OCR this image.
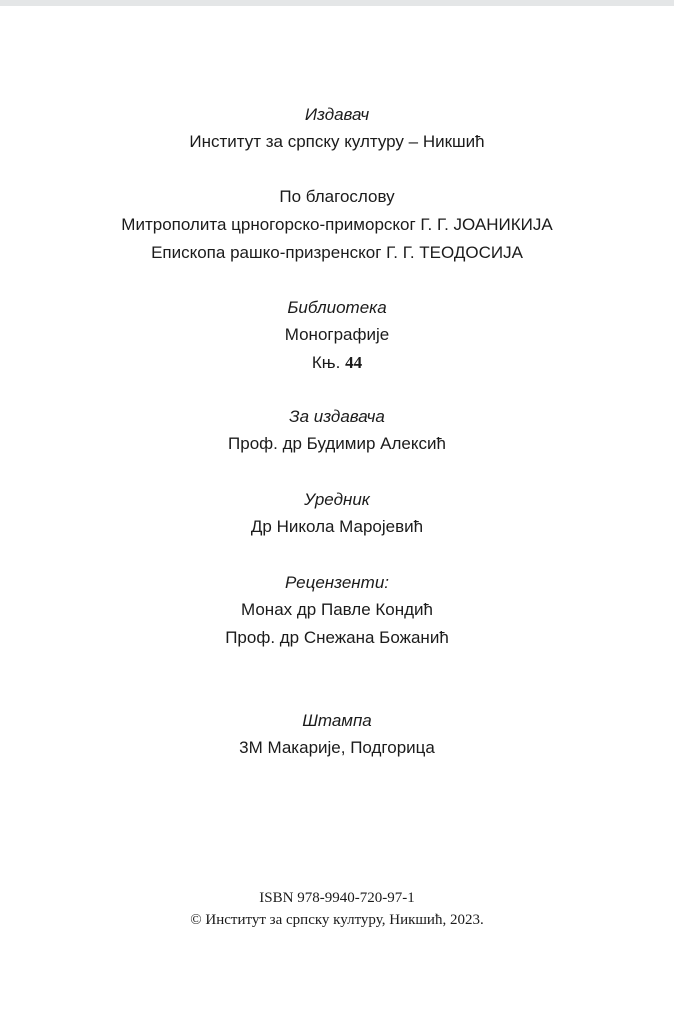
Издавач
Институт за српску културу – Никшић
По благослову
Митрополита црногорско-приморског Г. Г. ЈОАНИКИЈА
Епископа рашко-призренског Г. Г. ТЕОДОСИЈА
Библиотека
Монографије
Књ. 44
За издавача
Проф. др Будимир Алексић
Уредник
Др Никола Маројевић
Рецензенти:
Монах др Павле Кондић
Проф. др Снежана Божанић
Штампа
3М Макарије, Подгорица
ISBN 978-9940-720-97-1
© Институт за српску културу, Никшић, 2023.
